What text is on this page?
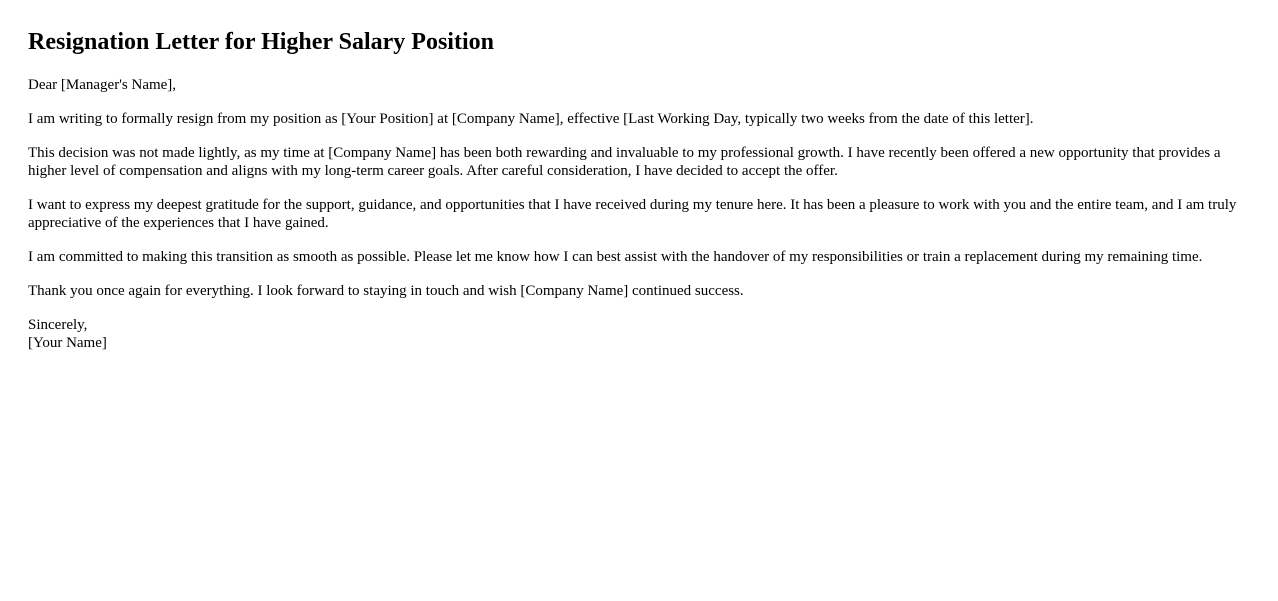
Resignation Letter for Higher Salary Position

Dear [Manager's Name],

I am writing to formally resign from my position as [Your Position] at [Company Name], effective [Last Working Day, typically two weeks from the date of this letter].

This decision was not made lightly, as my time at [Company Name] has been both rewarding and invaluable to my professional growth. I have recently been offered a new opportunity that provides a higher level of compensation and aligns with my long-term career goals. After careful consideration, I have decided to accept the offer.

I want to express my deepest gratitude for the support, guidance, and opportunities that I have received during my tenure here. It has been a pleasure to work with you and the entire team, and I am truly appreciative of the experiences that I have gained.

I am committed to making this transition as smooth as possible. Please let me know how I can best assist with the handover of my responsibilities or train a replacement during my remaining time.

Thank you once again for everything. I look forward to staying in touch and wish [Company Name] continued success.

Sincerely,
[Your Name]
